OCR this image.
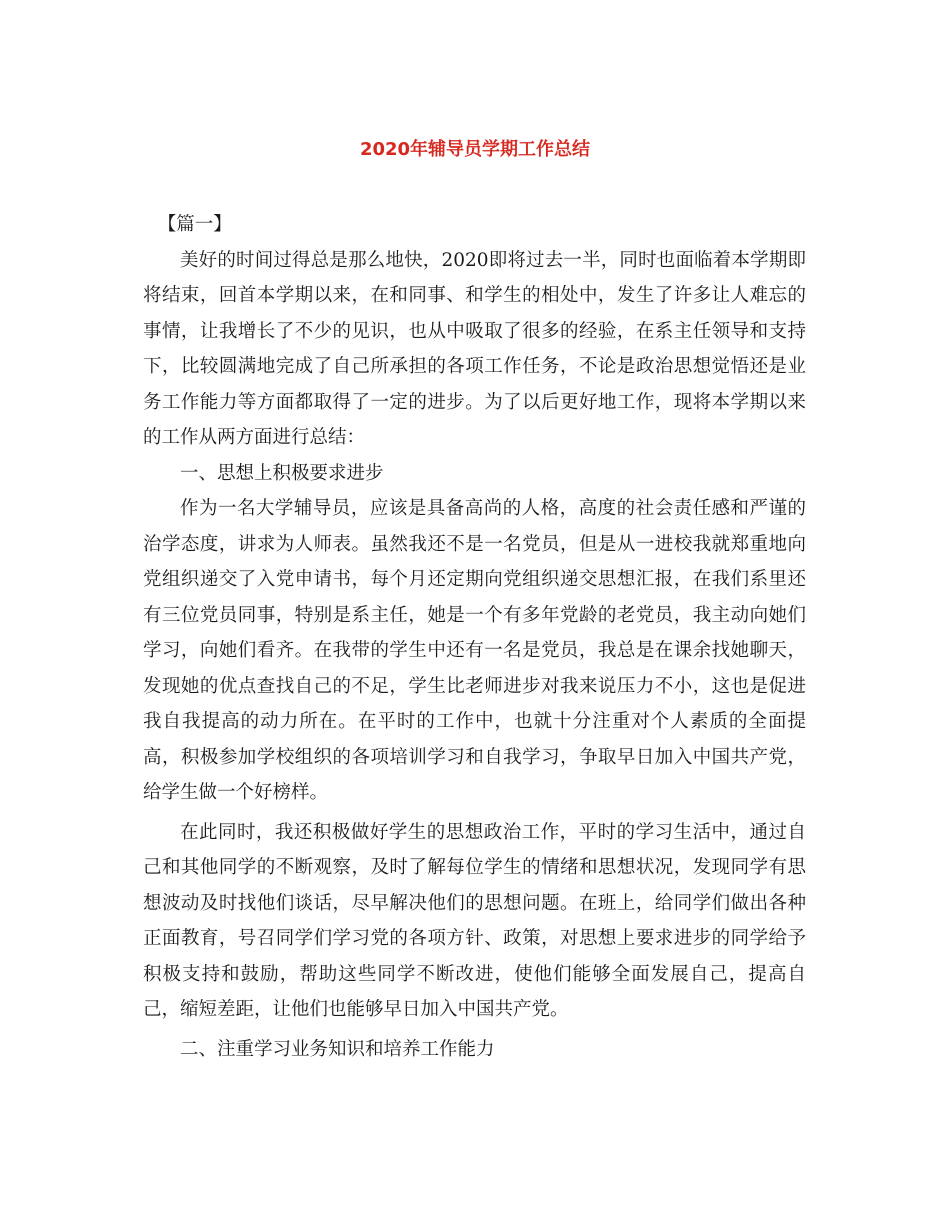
2020年辅导员学期工作总结

【篇一】

美好的时间过得总是那么地快，2020即将过去一半，同时也面临着本学期即将结束，回首本学期以来，在和同事、和学生的相处中，发生了许多让人难忘的事情，让我增长了不少的见识，也从中吸取了很多的经验，在系主任领导和支持下，比较圆满地完成了自己所承担的各项工作任务，不论是政治思想觉悟还是业务工作能力等方面都取得了一定的进步。为了以后更好地工作，现将本学期以来的工作从两方面进行总结：

一、思想上积极要求进步

作为一名大学辅导员，应该是具备高尚的人格，高度的社会责任感和严谨的治学态度，讲求为人师表。虽然我还不是一名党员，但是从一进校我就郑重地向党组织递交了入党申请书，每个月还定期向党组织递交思想汇报，在我们系里还有三位党员同事，特别是系主任，她是一个有多年党龄的老党员，我主动向她们学习，向她们看齐。在我带的学生中还有一名是党员，我总是在课余找她聊天，发现她的优点查找自己的不足，学生比老师进步对我来说压力不小，这也是促进我自我提高的动力所在。在平时的工作中，也就十分注重对个人素质的全面提高，积极参加学校组织的各项培训学习和自我学习，争取早日加入中国共产党，给学生做一个好榜样。

在此同时，我还积极做好学生的思想政治工作，平时的学习生活中，通过自己和其他同学的不断观察，及时了解每位学生的情绪和思想状况，发现同学有思想波动及时找他们谈话，尽早解决他们的思想问题。在班上，给同学们做出各种正面教育，号召同学们学习党的各项方针、政策，对思想上要求进步的同学给予积极支持和鼓励，帮助这些同学不断改进，使他们能够全面发展自己，提高自己，缩短差距，让他们也能够早日加入中国共产党。

二、注重学习业务知识和培养工作能力
